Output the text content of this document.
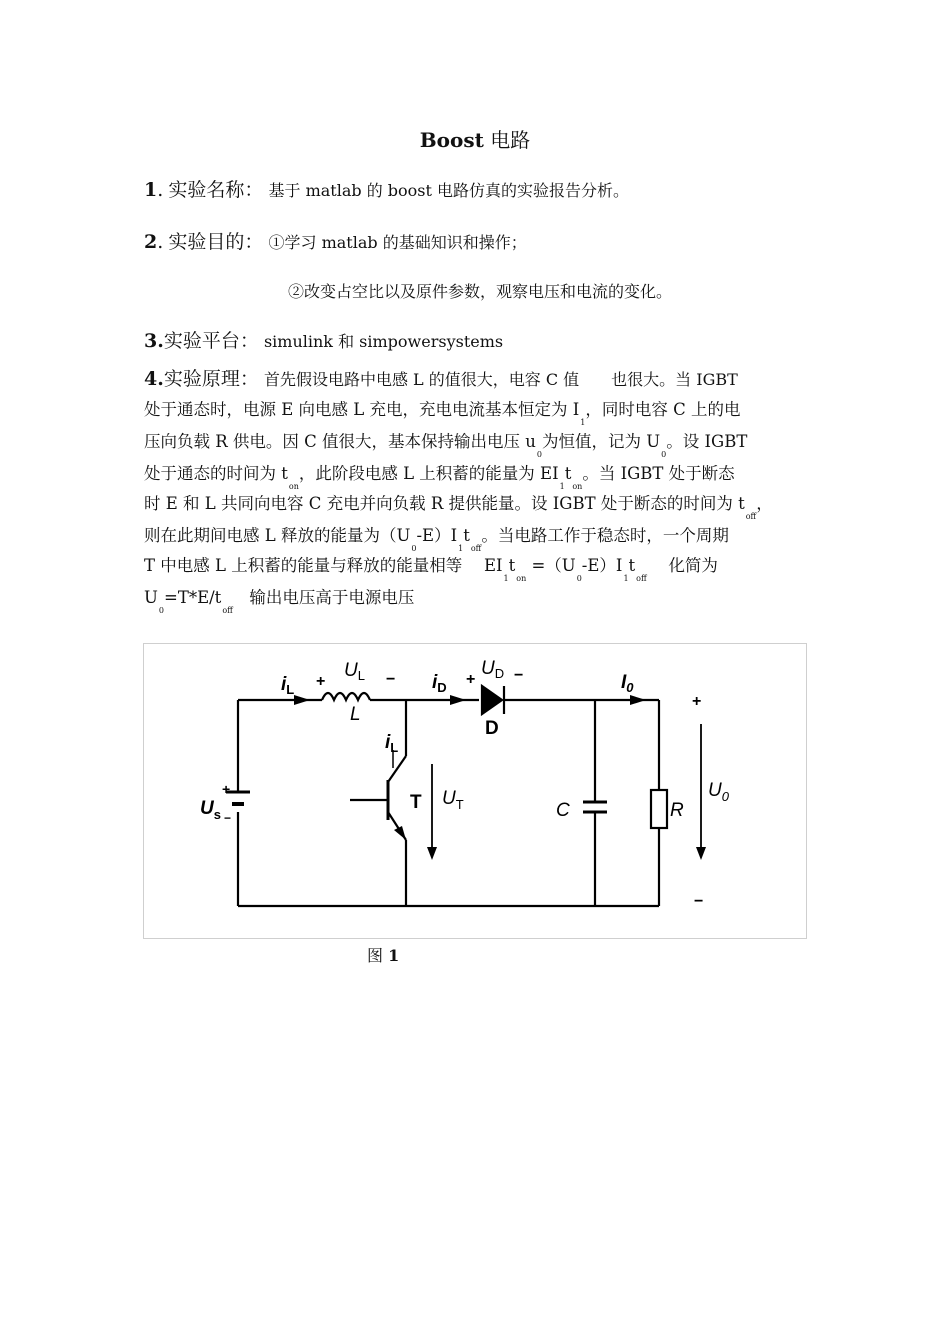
Boost 电路
1. 实验名称： 基于 matlab 的 boost 电路仿真的实验报告分析。
2. 实验目的： ①学习 matlab 的基础知识和操作；
②改变占空比以及原件参数，观察电压和电流的变化。
3.实验平台： simulink 和 simpowersystems
4.实验原理： 首先假设电路中电感 L 的值很大，电容 C 值　　也很大。当 IGBT
处于通态时，电源 E 向电感 L 充电，充电电流基本恒定为 $I_1$，同时电容 C 上的电
压向负载 R 供电。因 C 值很大，基本保持输出电压 $u_0$为恒值，记为 $U_0$。设 IGBT
处于通态的时间为 $t_{on}$，此阶段电感 L 上积蓄的能量为 $EI_1t_{on}$。当 IGBT 处于断态
时 E 和 L 共同向电容 C 充电并向负载 R 提供能量。设 IGBT 处于断态的时间为 $t_{off}$，
则在此期间电感 L 释放的能量为$(U_0-E)I_1t_{off}$。当电路工作于稳态时，一个周期
T 中电感 L 上积蓄的能量与释放的能量相等　 $EI_1t_{on} =(U_0-E)I_1t_{off}$　 化简为
$U_0=T*E/t_{off}$　输出电压高于电源电压
$i_L$
$U_L$
L
$i_D$
$U_D$
D
$I_0$
$i_L$
$U_s$
T $U_T$	C	R
$U_0$
+	−	+ −
+
−
+
−
图 1
